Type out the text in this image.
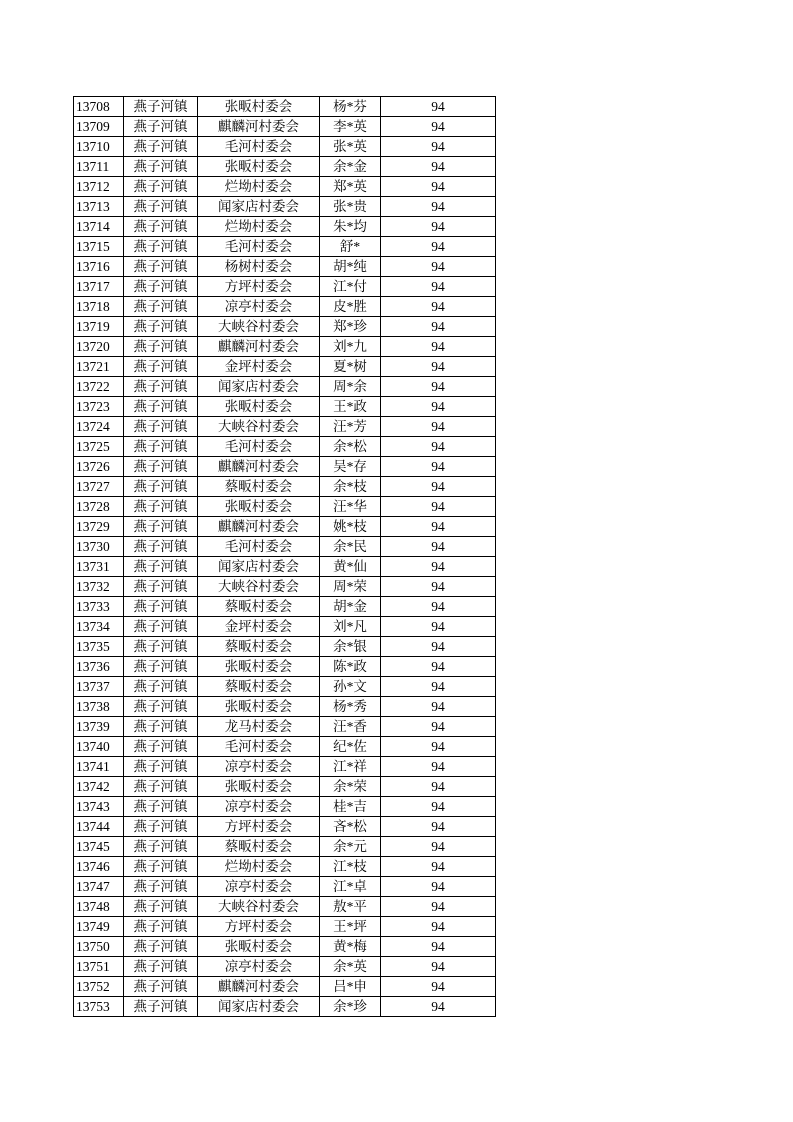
13708	燕子河镇	张畈村委会	杨*芬	94
13709	燕子河镇	麒麟河村委会	李*英	94
13710	燕子河镇	毛河村委会	张*英	94
13711	燕子河镇	张畈村委会	余*金	94
13712	燕子河镇	烂坳村委会	郑*英	94
13713	燕子河镇	闻家店村委会	张*贵	94
13714	燕子河镇	烂坳村委会	朱*均	94
13715	燕子河镇	毛河村委会	舒*	94
13716	燕子河镇	杨树村委会	胡*纯	94
13717	燕子河镇	方坪村委会	江*付	94
13718	燕子河镇	凉亭村委会	皮*胜	94
13719	燕子河镇	大峡谷村委会	郑*珍	94
13720	燕子河镇	麒麟河村委会	刘*九	94
13721	燕子河镇	金坪村委会	夏*树	94
13722	燕子河镇	闻家店村委会	周*余	94
13723	燕子河镇	张畈村委会	王*政	94
13724	燕子河镇	大峡谷村委会	汪*芳	94
13725	燕子河镇	毛河村委会	余*松	94
13726	燕子河镇	麒麟河村委会	吴*存	94
13727	燕子河镇	蔡畈村委会	余*枝	94
13728	燕子河镇	张畈村委会	汪*华	94
13729	燕子河镇	麒麟河村委会	姚*枝	94
13730	燕子河镇	毛河村委会	余*民	94
13731	燕子河镇	闻家店村委会	黄*仙	94
13732	燕子河镇	大峡谷村委会	周*荣	94
13733	燕子河镇	蔡畈村委会	胡*金	94
13734	燕子河镇	金坪村委会	刘*凡	94
13735	燕子河镇	蔡畈村委会	余*银	94
13736	燕子河镇	张畈村委会	陈*政	94
13737	燕子河镇	蔡畈村委会	孙*文	94
13738	燕子河镇	张畈村委会	杨*秀	94
13739	燕子河镇	龙马村委会	汪*香	94
13740	燕子河镇	毛河村委会	纪*佐	94
13741	燕子河镇	凉亭村委会	江*祥	94
13742	燕子河镇	张畈村委会	余*荣	94
13743	燕子河镇	凉亭村委会	桂*吉	94
13744	燕子河镇	方坪村委会	吝*松	94
13745	燕子河镇	蔡畈村委会	余*元	94
13746	燕子河镇	烂坳村委会	江*枝	94
13747	燕子河镇	凉亭村委会	江*卓	94
13748	燕子河镇	大峡谷村委会	敖*平	94
13749	燕子河镇	方坪村委会	王*坪	94
13750	燕子河镇	张畈村委会	黄*梅	94
13751	燕子河镇	凉亭村委会	余*英	94
13752	燕子河镇	麒麟河村委会	吕*申	94
13753	燕子河镇	闻家店村委会	余*珍	94
